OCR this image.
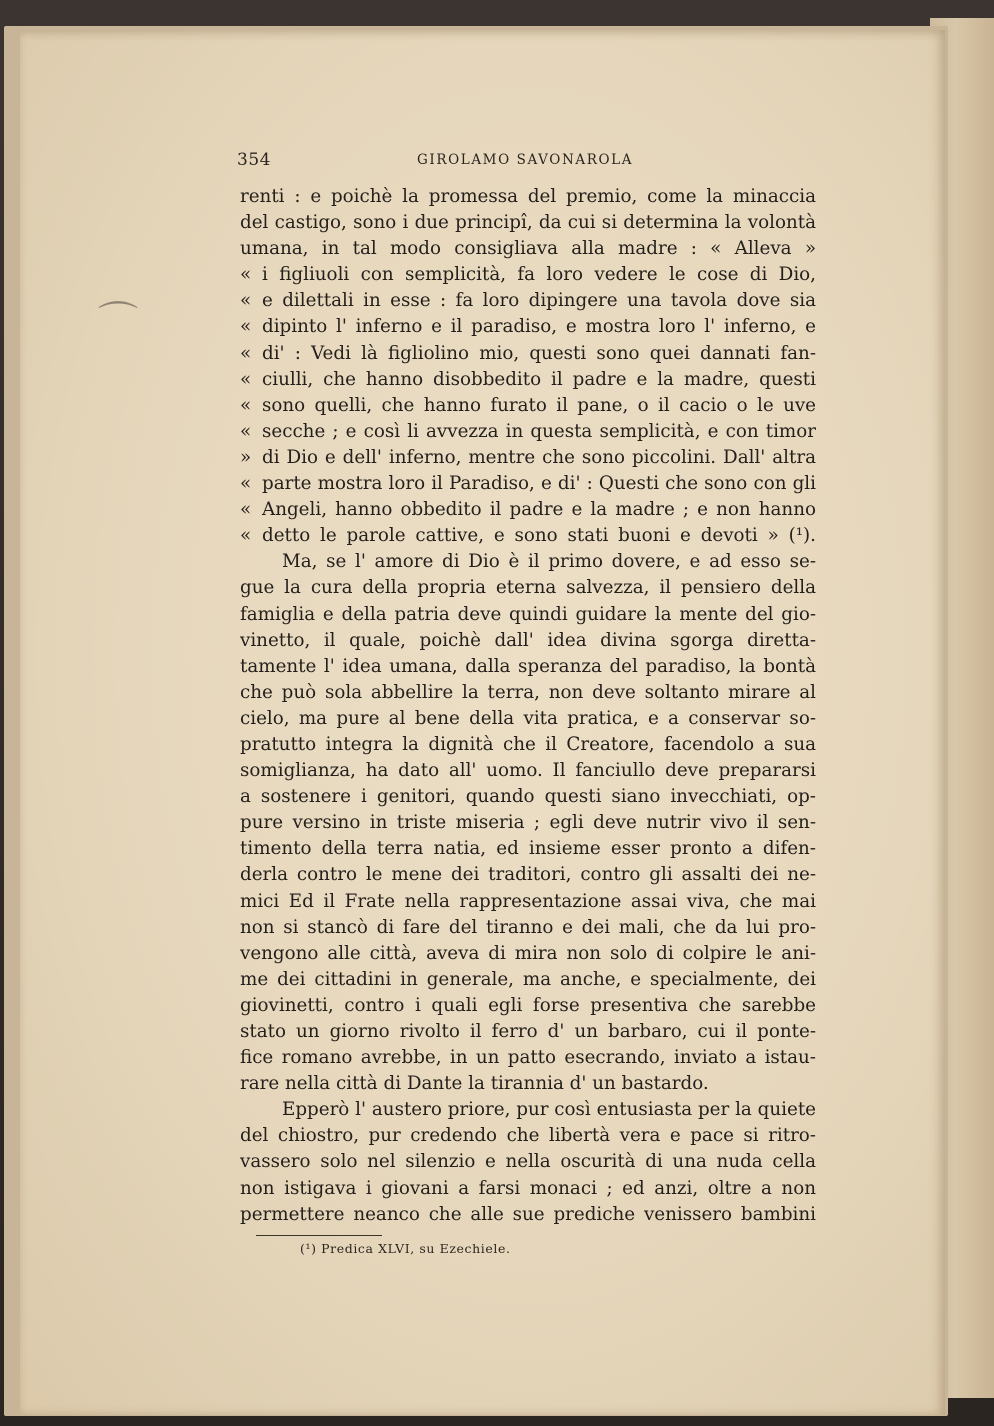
⌒
354	GIROLAMO SAVONAROLA
renti : e poichè la promessa del premio, come la minaccia
del castigo, sono i due principî, da cui si determina la volontà
umana, in tal modo consigliava alla madre : « Alleva »
« i figliuoli con semplicità, fa loro vedere le cose di Dio,
« e dilettali in esse : fa loro dipingere una tavola dove sia
« dipinto l' inferno e il paradiso, e mostra loro l' inferno, e
« di' : Vedi là figliolino mio, questi sono quei dannati fan-
« ciulli, che hanno disobbedito il padre e la madre, questi
« sono quelli, che hanno furato il pane, o il cacio o le uve
« secche ; e così li avvezza in questa semplicità, e con timor
» di Dio e dell' inferno, mentre che sono piccolini. Dall' altra
« parte mostra loro il Paradiso, e di' : Questi che sono con gli
« Angeli, hanno obbedito il padre e la madre ; e non hanno
« detto le parole cattive, e sono stati buoni e devoti » (¹).
Ma, se l' amore di Dio è il primo dovere, e ad esso se-
gue la cura della propria eterna salvezza, il pensiero della
famiglia e della patria deve quindi guidare la mente del gio-
vinetto, il quale, poichè dall' idea divina sgorga diretta-
tamente l' idea umana, dalla speranza del paradiso, la bontà
che può sola abbellire la terra, non deve soltanto mirare al
cielo, ma pure al bene della vita pratica, e a conservar so-
pratutto integra la dignità che il Creatore, facendolo a sua
somiglianza, ha dato all' uomo. Il fanciullo deve prepararsi
a sostenere i genitori, quando questi siano invecchiati, op-
pure versino in triste miseria ; egli deve nutrir vivo il sen-
timento della terra natia, ed insieme esser pronto a difen-
derla contro le mene dei traditori, contro gli assalti dei ne-
mici Ed il Frate nella rappresentazione assai viva, che mai
non si stancò di fare del tiranno e dei mali, che da lui pro-
vengono alle città, aveva di mira non solo di colpire le ani-
me dei cittadini in generale, ma anche, e specialmente, dei
giovinetti, contro i quali egli forse presentiva che sarebbe
stato un giorno rivolto il ferro d' un barbaro, cui il ponte-
fice romano avrebbe, in un patto esecrando, inviato a istau-
rare nella città di Dante la tirannia d' un bastardo.
Epperò l' austero priore, pur così entusiasta per la quiete
del chiostro, pur credendo che libertà vera e pace si ritro-
vassero solo nel silenzio e nella oscurità di una nuda cella
non istigava i giovani a farsi monaci ; ed anzi, oltre a non
permettere neanco che alle sue prediche venissero bambini
(¹) Predica XLVI, su Ezechiele.
